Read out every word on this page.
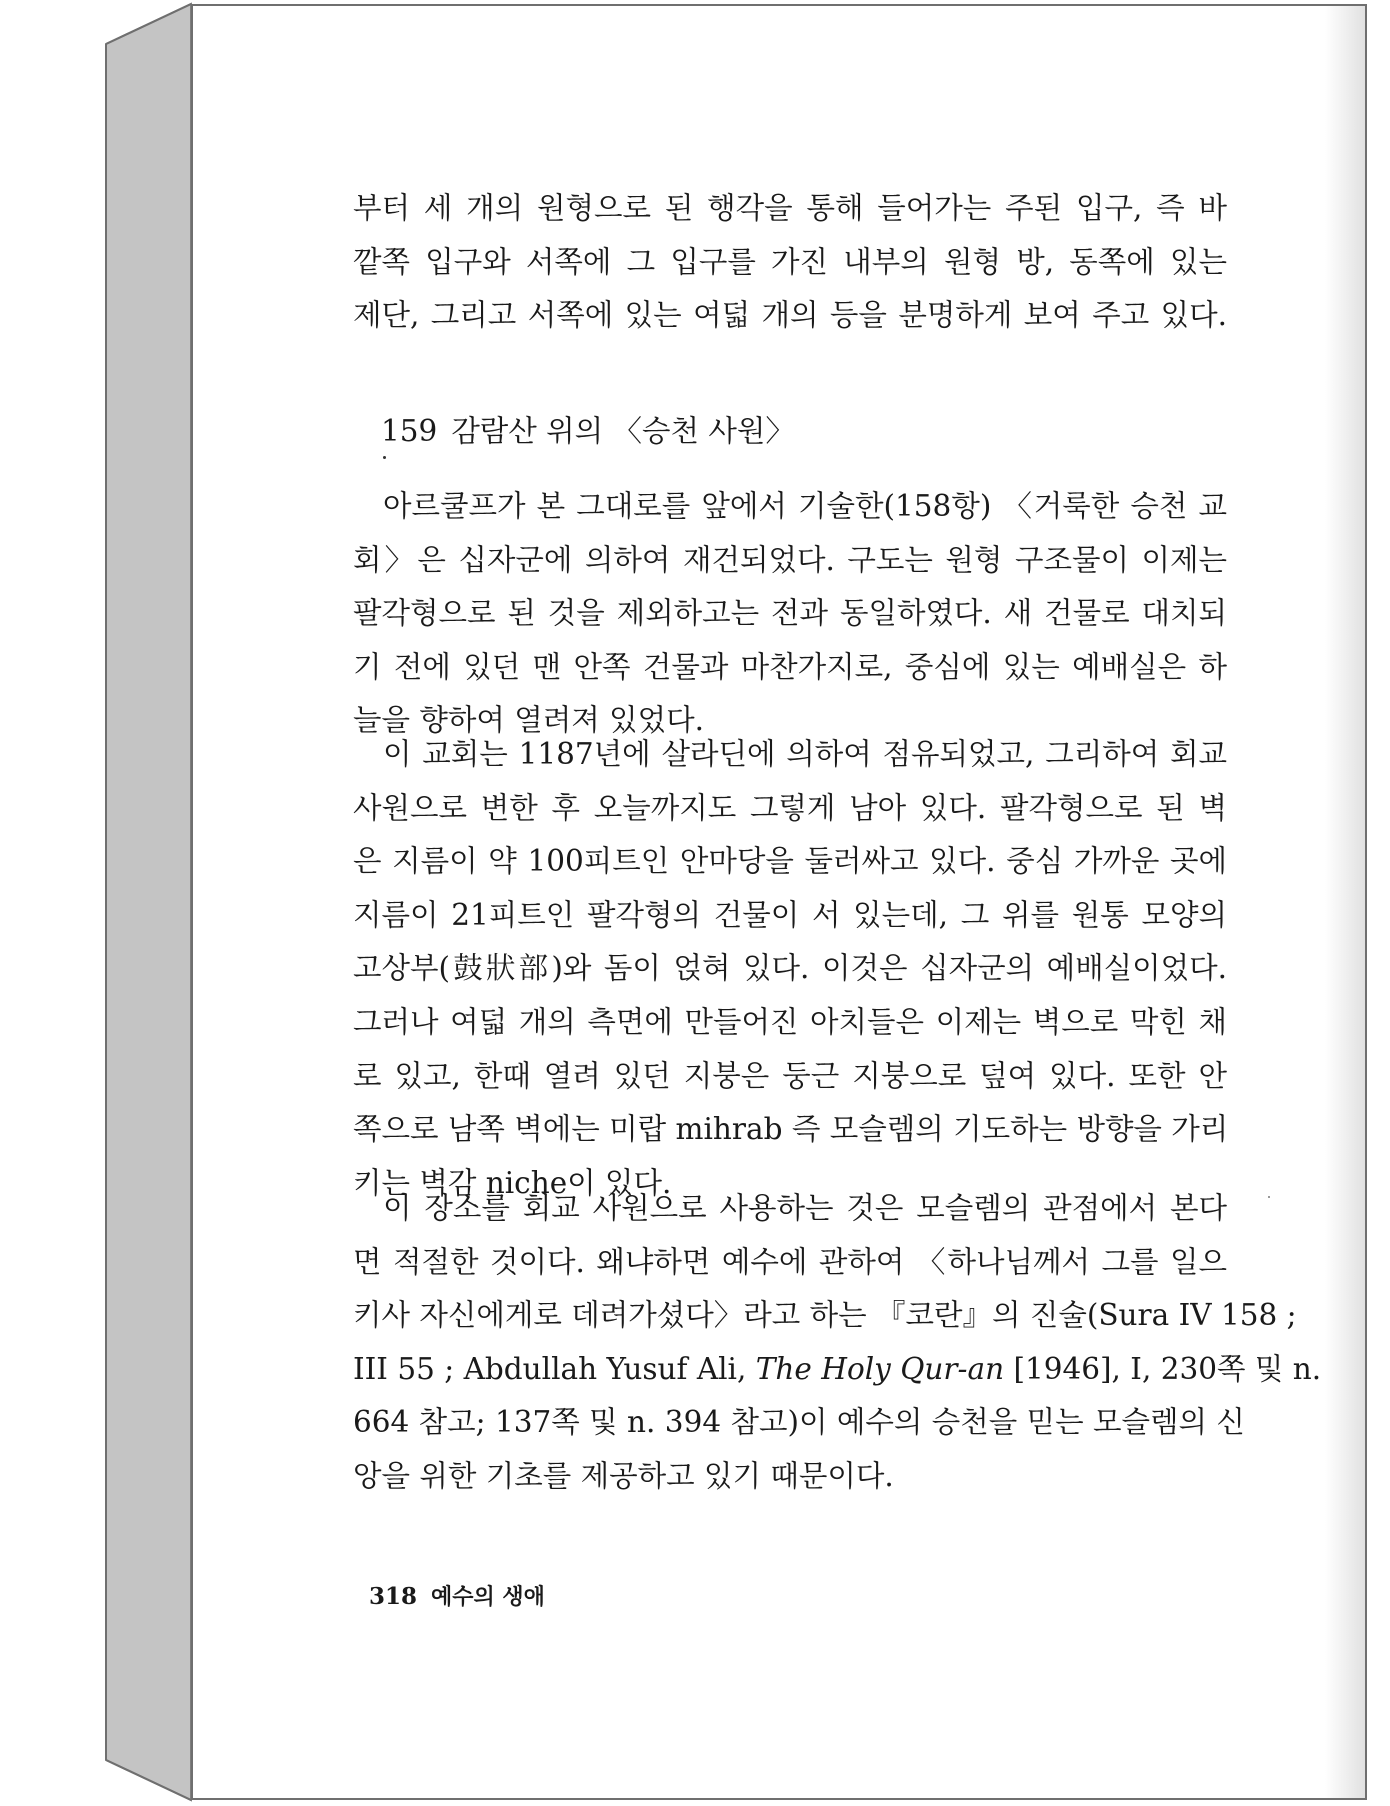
부터 세 개의 원형으로 된 행각을 통해 들어가는 주된 입구, 즉 바
깥쪽 입구와 서쪽에 그 입구를 가진 내부의 원형 방, 동쪽에 있는
제단, 그리고 서쪽에 있는 여덟 개의 등을 분명하게 보여 주고 있다.
159 감람산 위의 〈승천 사원〉
아르쿨프가 본 그대로를 앞에서 기술한(158항) 〈거룩한 승천 교
회〉은 십자군에 의하여 재건되었다. 구도는 원형 구조물이 이제는
팔각형으로 된 것을 제외하고는 전과 동일하였다. 새 건물로 대치되
기 전에 있던 맨 안쪽 건물과 마찬가지로, 중심에 있는 예배실은 하
늘을 향하여 열려져 있었다.
이 교회는 1187년에 살라딘에 의하여 점유되었고, 그리하여 회교
사원으로 변한 후 오늘까지도 그렇게 남아 있다. 팔각형으로 된 벽
은 지름이 약 100피트인 안마당을 둘러싸고 있다. 중심 가까운 곳에
지름이 21피트인 팔각형의 건물이 서 있는데, 그 위를 원통 모양의
고상부(鼓狀部)와 돔이 얹혀 있다. 이것은 십자군의 예배실이었다.
그러나 여덟 개의 측면에 만들어진 아치들은 이제는 벽으로 막힌 채
로 있고, 한때 열려 있던 지붕은 둥근 지붕으로 덮여 있다. 또한 안
쪽으로 남쪽 벽에는 미랍 mihrab 즉 모슬렘의 기도하는 방향을 가리
키는 벽감 niche이 있다.
이 장소를 회교 사원으로 사용하는 것은 모슬렘의 관점에서 본다
면 적절한 것이다. 왜냐하면 예수에 관하여 〈하나님께서 그를 일으
키사 자신에게로 데려가셨다〉라고 하는 『코란』의 진술(Sura IV 158 ;
III 55 ; Abdullah Yusuf Ali, The Holy Qur-an [1946], I, 230쪽 및 n.
664 참고; 137쪽 및 n. 394 참고)이 예수의 승천을 믿는 모슬렘의 신
앙을 위한 기초를 제공하고 있기 때문이다.
318 예수의 생애
